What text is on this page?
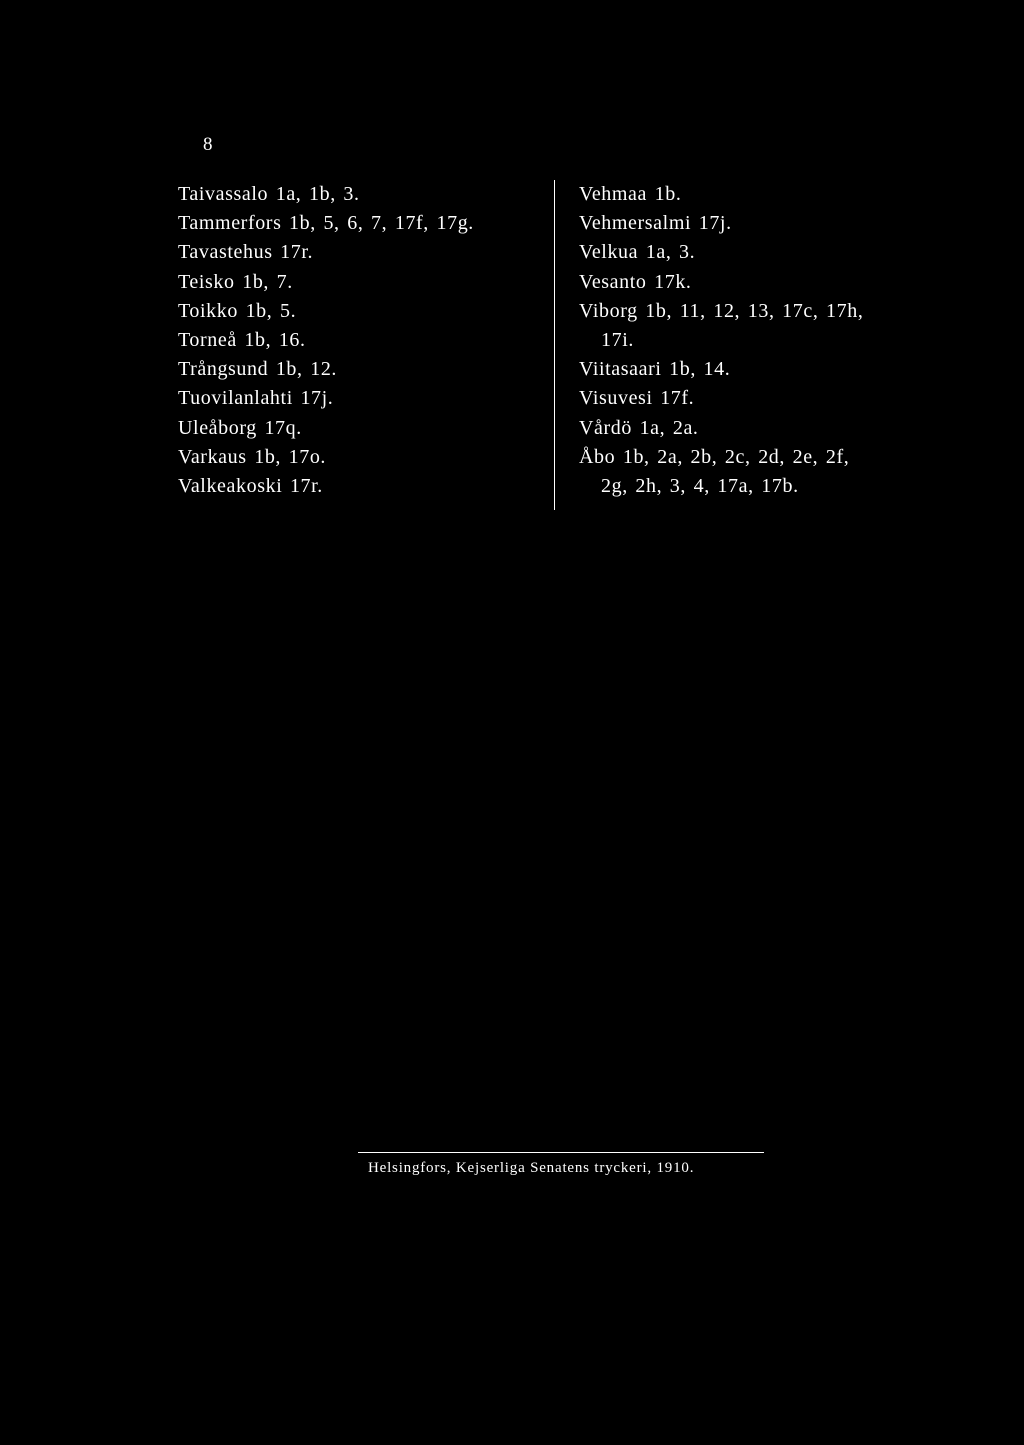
8
Taivassalo 1a, 1b, 3.
Tammerfors 1b, 5, 6, 7, 17f, 17g.
Tavastehus 17r.
Teisko 1b, 7.
Toikko 1b, 5.
Torneå 1b, 16.
Trångsund 1b, 12.
Tuovilanlahti 17j.
Uleåborg 17q.
Varkaus 1b, 17o.
Valkeakoski 17r.
Vehmaa 1b.
Vehmersalmi 17j.
Velkua 1a, 3.
Vesanto 17k.
Viborg 1b, 11, 12, 13, 17c, 17h,
17i.
Viitasaari 1b, 14.
Visuvesi 17f.
Vårdö 1a, 2a.
Åbo 1b, 2a, 2b, 2c, 2d, 2e, 2f,
2g, 2h, 3, 4, 17a, 17b.
Helsingfors, Kejserliga Senatens tryckeri, 1910.
